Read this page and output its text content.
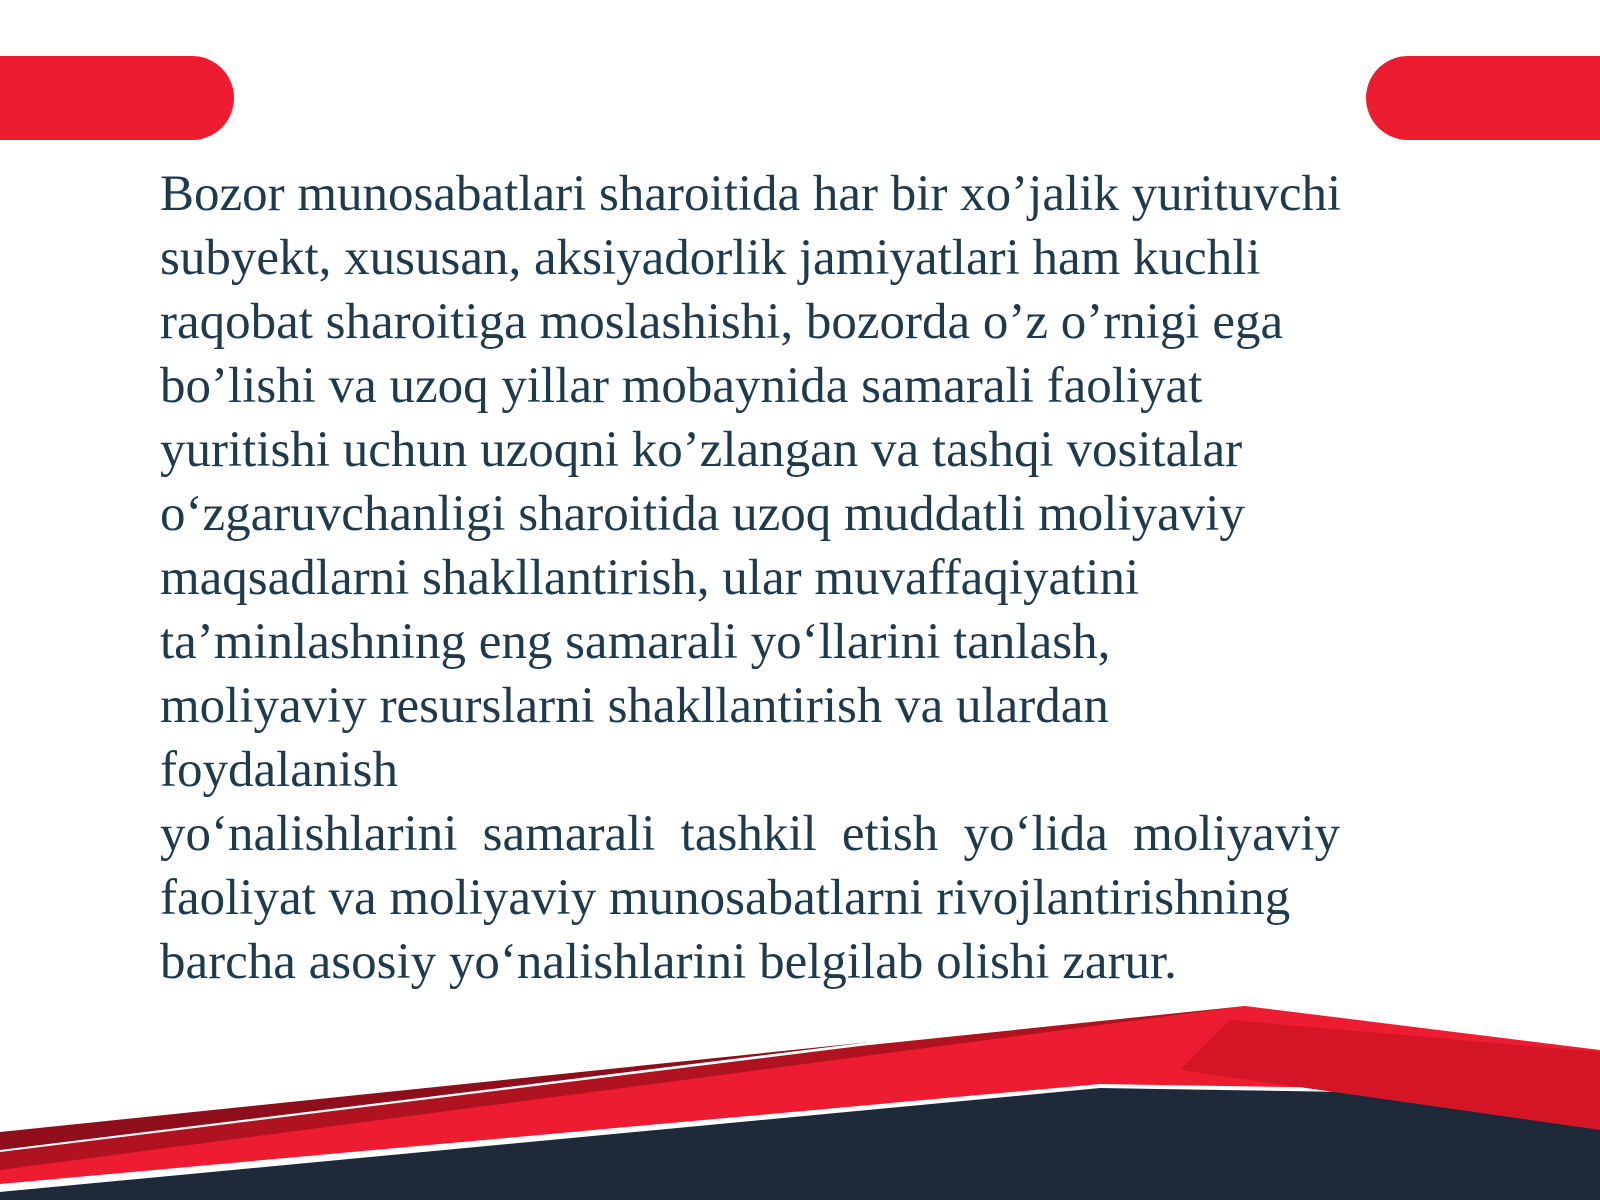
Bozor munosabatlari sharoitida har bir xo’jalik yurituvchi
subyekt, xususan, aksiyadorlik jamiyatlari ham kuchli
raqobat sharoitiga moslashishi, bozorda o’z o’rnigi ega
bo’lishi va uzoq yillar mobaynida samarali faoliyat
yuritishi uchun uzoqni ko’zlangan va tashqi vositalar
o‘zgaruvchanligi sharoitida uzoq muddatli moliyaviy
maqsadlarni shakllantirish, ular muvaffaqiyatini
ta’minlashning eng samarali yo‘llarini tanlash,
moliyaviy resurslarni shakllantirish va ulardan
foydalanish
yo‘nalishlarini samarali tashkil etish yo‘lida moliyaviy
faoliyat va moliyaviy munosabatlarni rivojlantirishning
barcha asosiy yo‘nalishlarini belgilab olishi zarur.
